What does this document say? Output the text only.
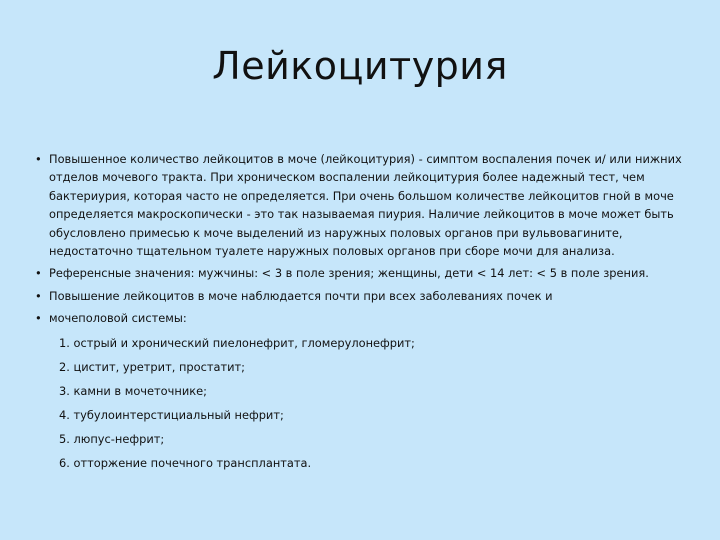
Лейкоцитурия
• Повышенное количество лейкоцитов в моче (лейкоцитурия) - симптом воспаления почек и/ или нижних отделов мочевого тракта. При хроническом воспалении лейкоцитурия более надежный тест, чем бактериурия, которая часто не определяется. При очень большом количестве лейкоцитов гной в моче определяется макроскопически - это так называемая пиурия. Наличие лейкоцитов в моче может быть обусловлено примесью к моче выделений из наружных половых органов при вульвовагините, недостаточно тщательном туалете наружных половых органов при сборе мочи для анализа.
• Референсные значения: мужчины: < 3 в поле зрения; женщины, дети < 14 лет: < 5 в поле зрения.
• Повышение лейкоцитов в моче наблюдается почти при всех заболеваниях почек и
• мочеполовой системы:
1. острый и хронический пиелонефрит, гломерулонефрит;
2. цистит, уретрит, простатит;
3. камни в мочеточнике;
4. тубулоинтерстициальный нефрит;
5. люпус-нефрит;
6. отторжение почечного трансплантата.
